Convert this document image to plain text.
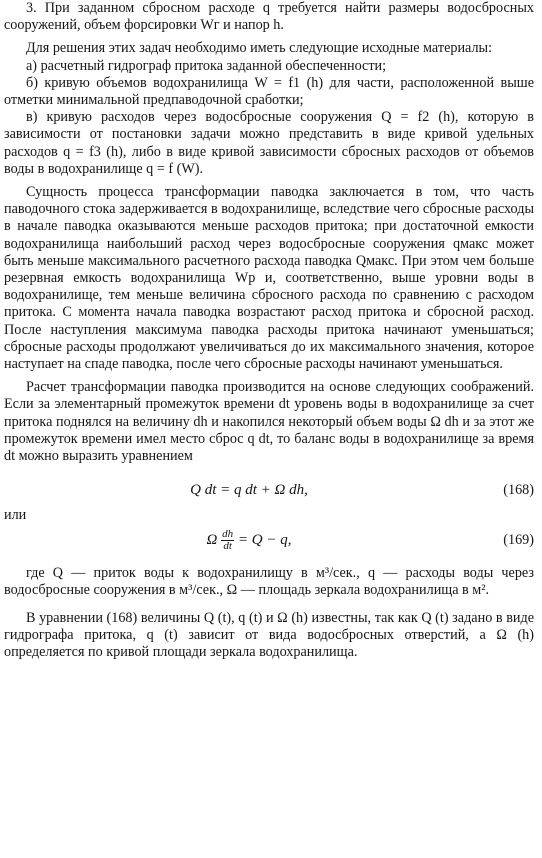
3. При заданном сбросном расходе q требуется найти размеры водосбросных сооружений, объем форсировки Wг и напор h.

Для решения этих задач необходимо иметь следующие исходные материалы:

а) расчетный гидрограф притока заданной обеспеченности;

б) кривую объемов водохранилища W = f1 (h) для части, расположенной выше отметки минимальной предпаводочной сработки;

в) кривую расходов через водосбросные сооружения Q = f2 (h), которую в зависимости от постановки задачи можно представить в виде кривой удельных расходов q = f3 (h), либо в виде кривой зависимости сбросных расходов от объемов воды в водохранилище q = f (W).

Сущность процесса трансформации паводка заключается в том, что часть паводочного стока задерживается в водохранилище, вследствие чего сбросные расходы в начале паводка оказываются меньше расходов притока; при достаточной емкости водохранилища наибольший расход через водосбросные сооружения qмакс может быть меньше максимального расчетного расхода паводка Qмакс. При этом чем больше резервная емкость водохранилища Wр и, соответственно, выше уровни воды в водохранилище, тем меньше величина сбросного расхода по сравнению с расходом притока. С момента начала паводка возрастают расход притока и сбросной расход. После наступления максимума паводка расходы притока начинают уменьшаться; сбросные расходы продолжают увеличиваться до их максимального значения, которое наступает на спаде паводка, после чего сбросные расходы начинают уменьшаться.

Расчет трансформации паводка производится на основе следующих соображений. Если за элементарный промежуток времени dt уровень воды в водохранилище за счет притока поднялся на величину dh и накопился некоторый объем воды Ω dh и за этот же промежуток времени имел место сброс q dt, то баланс воды в водохранилище за время dt можно выразить уравнением

Q dt = q dt + Ω dh,	(168)

или

Ω $\frac{dh}{dt} = Q - q$,	(169)

где Q — приток воды к водохранилищу в м³/сек., q — расходы воды через водосбросные сооружения в м³/сек., Ω — площадь зеркала водохранилища в м².

В уравнении (168) величины Q (t), q (t) и Ω (h) известны, так как Q (t) задано в виде гидрографа притока, q (t) зависит от вида водосбросных отверстий, а Ω (h) определяется по кривой площади зеркала водохранилища.
